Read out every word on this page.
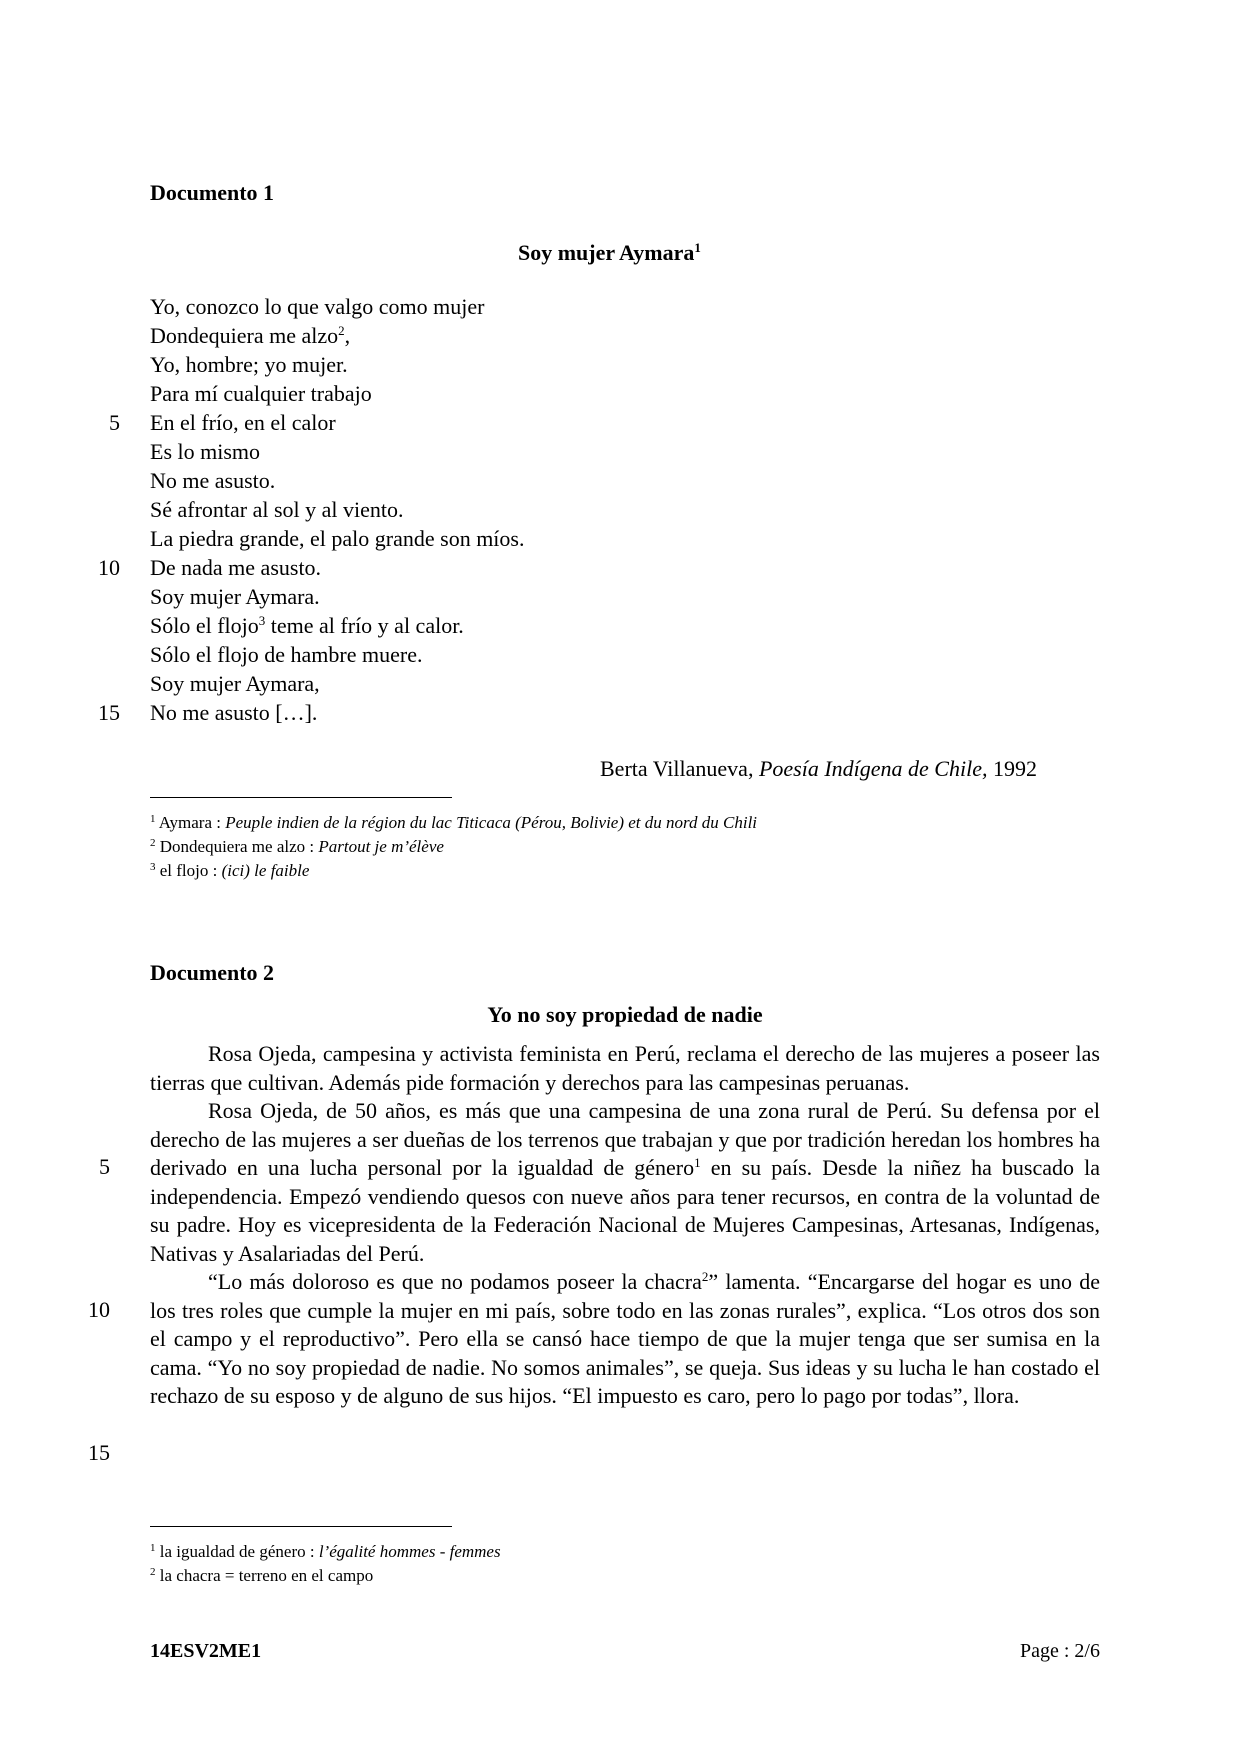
Documento 1
Soy mujer Aymara$^1$
Yo, conozco lo que valgo como mujer
Dondequiera me alzo$^2$,
Yo, hombre; yo mujer.
Para mí cualquier trabajo
5 En el frío, en el calor
Es lo mismo
No me asusto.
Sé afrontar al sol y al viento.
La piedra grande, el palo grande son míos.
10 De nada me asusto.
Soy mujer Aymara.
Sólo el flojo$^3$ teme al frío y al calor.
Sólo el flojo de hambre muere.
Soy mujer Aymara,
15 No me asusto […].
Berta Villanueva, Poesía Indígena de Chile, 1992
$^1$ Aymara : Peuple indien de la région du lac Titicaca (Pérou, Bolivie) et du nord du Chili
$^2$ Dondequiera me alzo : Partout je m’élève
$^3$ el flojo : (ici) le faible
Documento 2
Yo no soy propiedad de nadie

Rosa Ojeda, campesina y activista feminista en Perú, reclama el derecho de las mujeres a poseer las tierras que cultivan. Además pide formación y derechos para las campesinas peruanas.

Rosa Ojeda, de 50 años, es más que una campesina de una zona rural de Perú. Su defensa por el derecho de las mujeres a ser dueñas de los terrenos que trabajan y que por tradición heredan los hombres ha derivado en una lucha personal por la igualdad de género$^1$ en su país. Desde la niñez ha buscado la independencia. Empezó vendiendo quesos con nueve años para tener recursos, en contra de la voluntad de su padre. Hoy es vicepresidenta de la Federación Nacional de Mujeres Campesinas, Artesanas, Indígenas, Nativas y Asalariadas del Perú.

“Lo más doloroso es que no podamos poseer la chacra$^2$” lamenta. “Encargarse del hogar es uno de los tres roles que cumple la mujer en mi país, sobre todo en las zonas rurales”, explica. “Los otros dos son el campo y el reproductivo”. Pero ella se cansó hace tiempo de que la mujer tenga que ser sumisa en la cama. “Yo no soy propiedad de nadie. No somos animales”, se queja. Sus ideas y su lucha le han costado el rechazo de su esposo y de alguno de sus hijos. “El impuesto es caro, pero lo pago por todas”, llora.

5
10
15
$^1$ la igualdad de género : l’égalité hommes - femmes
$^2$ la chacra = terreno en el campo
14ESV2ME1	Page : 2/6
